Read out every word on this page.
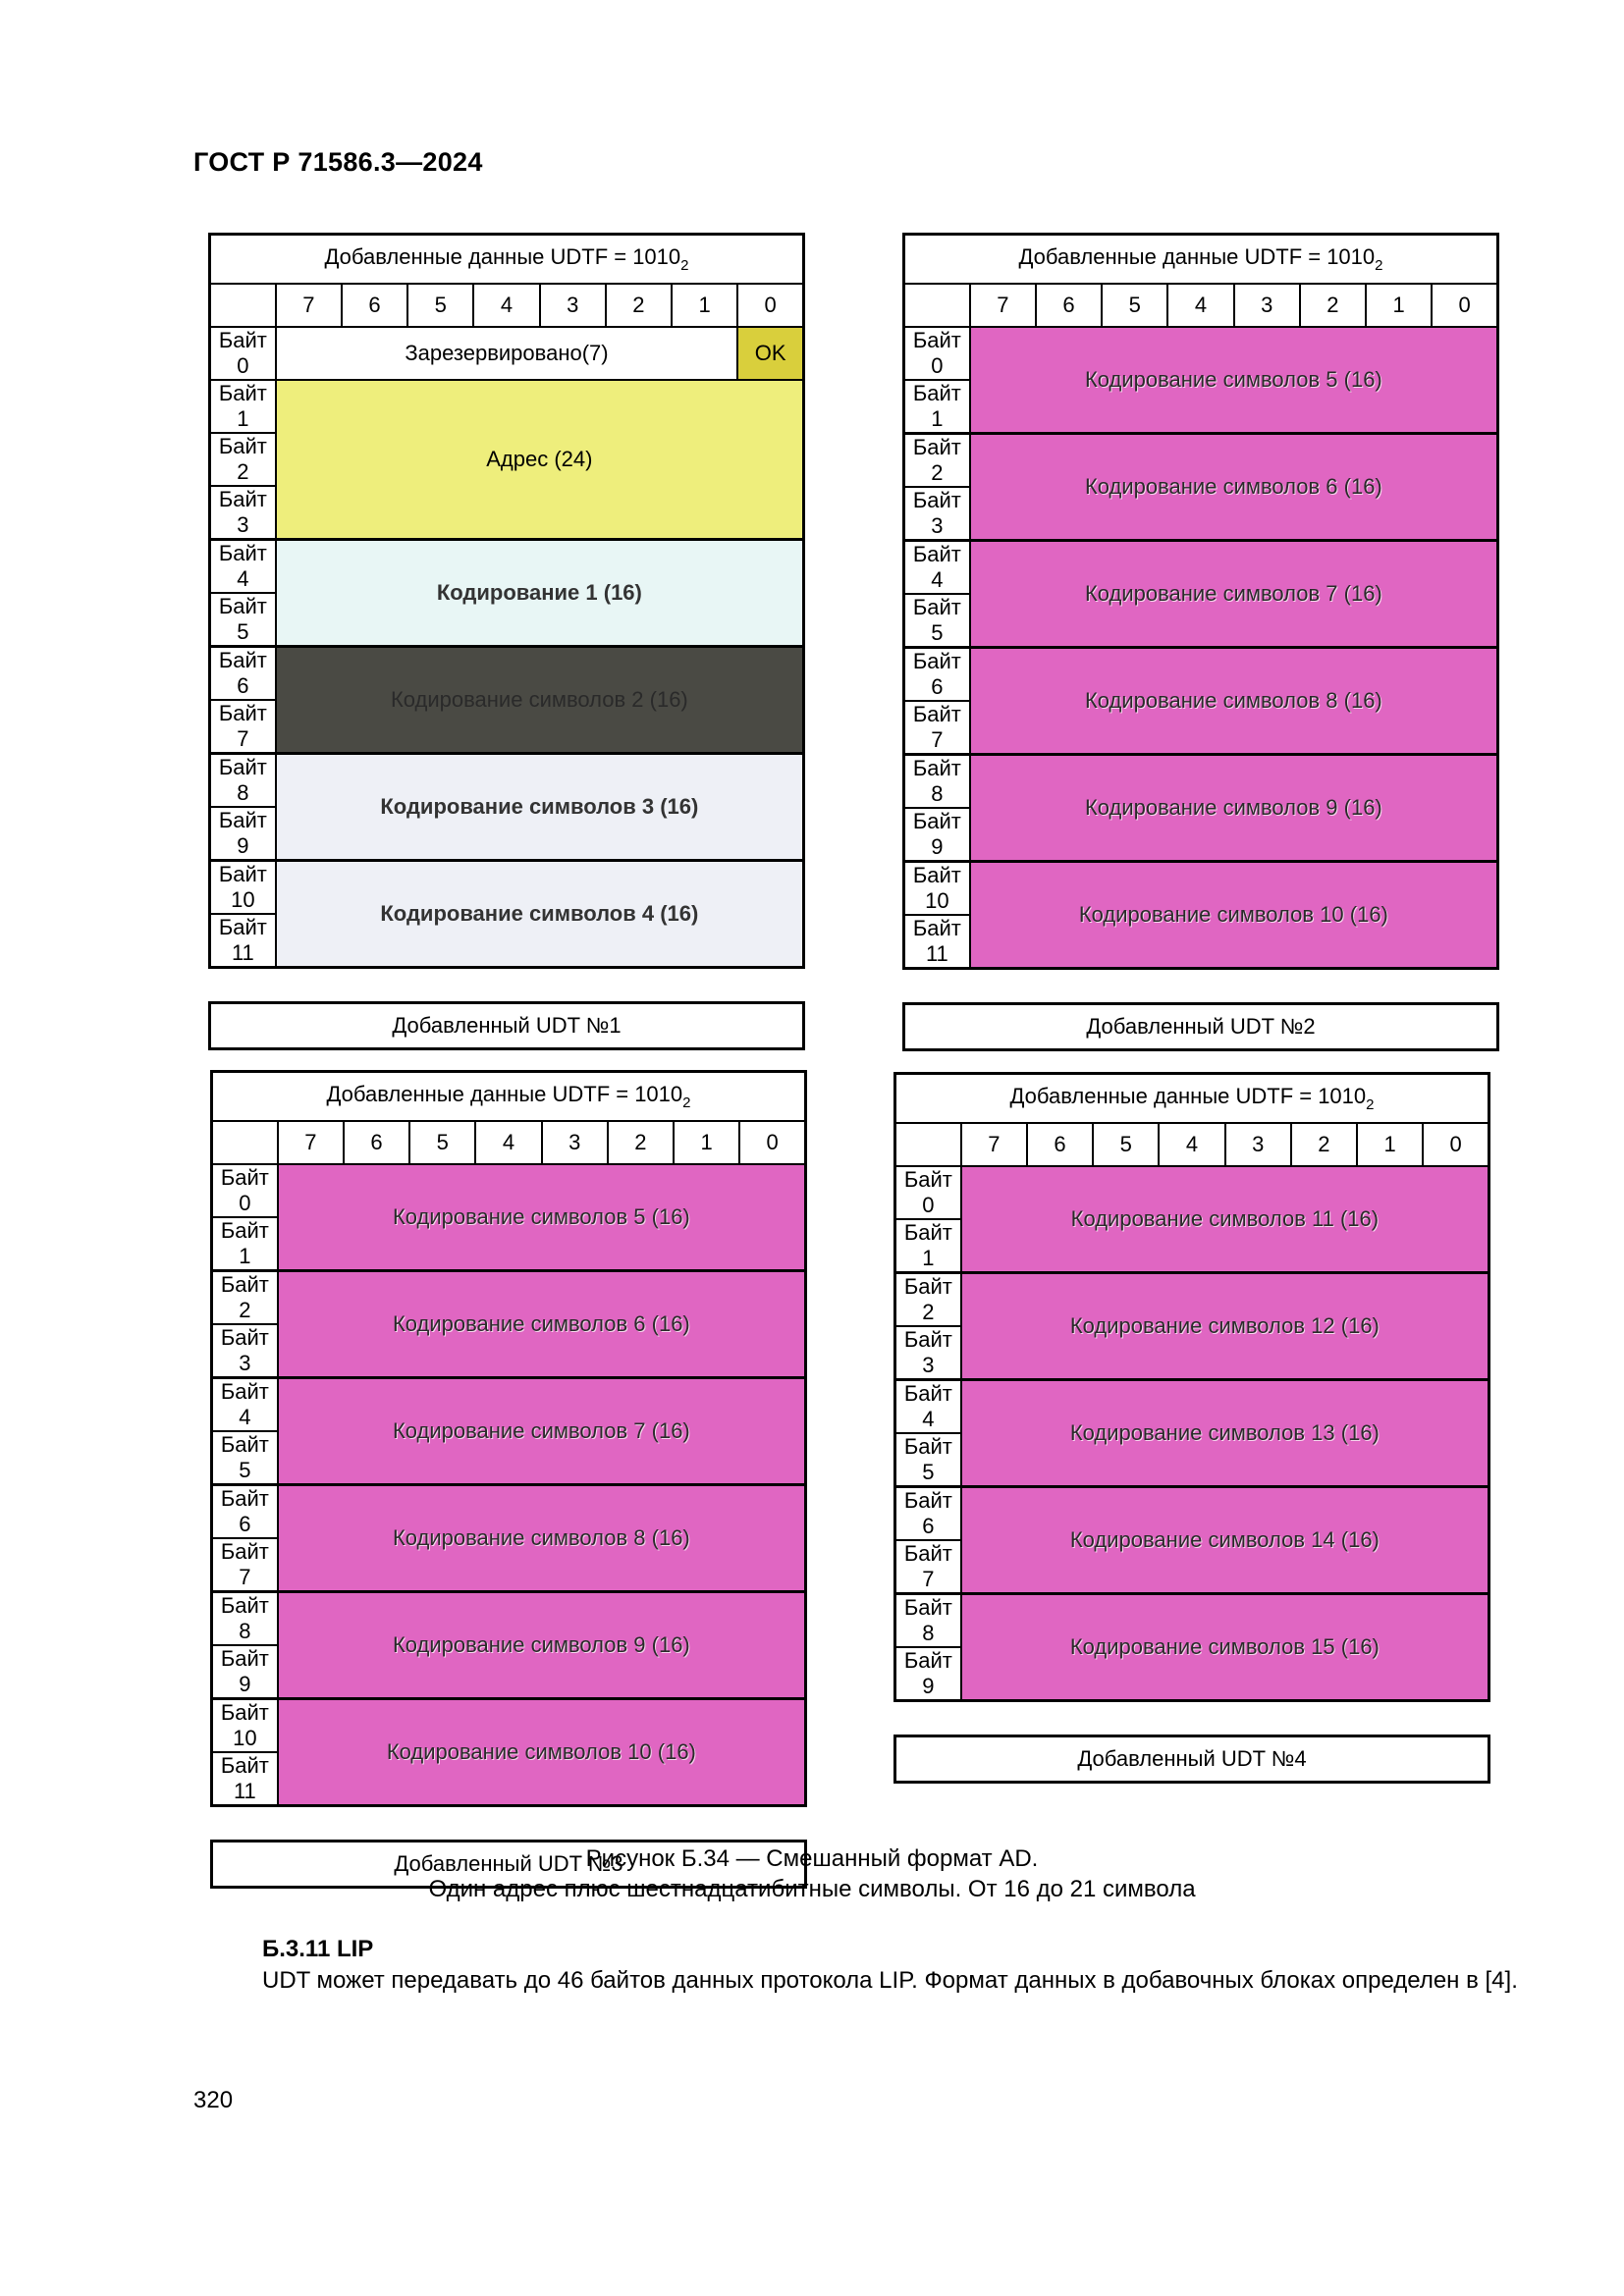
ГОСТ Р 71586.3—2024
Добавленные данные UDTF = $1010_2$
	7	6	5	4	3	2	1	0
Байт 0	Зарезервировано(7)							OK
Байт 1	Адрес (24)							
Байт 2								
Байт 3								
Байт 4	Кодирование 1 (16)							
Байт 5								
Байт 6	Кодирование символов 2 (16)							
Байт 7								
Байт 8	Кодирование символов 3 (16)							
Байт 9								
Байт 10	Кодирование символов 4 (16)							
Байт 11								
Добавленный UDT №1
Добавленные данные UDTF = $1010_2$
	7	6	5	4	3	2	1	0
Байт 0	Кодирование символов 5 (16)							
Байт 1								
Байт 2	Кодирование символов 6 (16)							
Байт 3								
Байт 4	Кодирование символов 7 (16)							
Байт 5								
Байт 6	Кодирование символов 8 (16)							
Байт 7								
Байт 8	Кодирование символов 9 (16)							
Байт 9								
Байт 10	Кодирование символов 10 (16)							
Байт 11								
Добавленный UDT №2
Добавленные данные UDTF = $1010_2$
	7	6	5	4	3	2	1	0
Байт 0	Кодирование символов 5 (16)							
Байт 1								
Байт 2	Кодирование символов 6 (16)							
Байт 3								
Байт 4	Кодирование символов 7 (16)							
Байт 5								
Байт 6	Кодирование символов 8 (16)							
Байт 7								
Байт 8	Кодирование символов 9 (16)							
Байт 9								
Байт 10	Кодирование символов 10 (16)							
Байт 11								
Добавленный UDT №3
Добавленные данные UDTF = $1010_2$
	7	6	5	4	3	2	1	0
Байт 0	Кодирование символов 11 (16)							
Байт 1								
Байт 2	Кодирование символов 12 (16)							
Байт 3								
Байт 4	Кодирование символов 13 (16)							
Байт 5								
Байт 6	Кодирование символов 14 (16)							
Байт 7								
Байт 8	Кодирование символов 15 (16)							
Байт 9								
Добавленный UDT №4
Рисунок Б.34 — Смешанный формат AD.
Один адрес плюс шестнадцатибитные символы. От 16 до 21 символа
Б.3.11 LIP
UDT может передавать до 46 байтов данных протокола LIP. Формат данных в добавочных блоках определен в [4].
320
